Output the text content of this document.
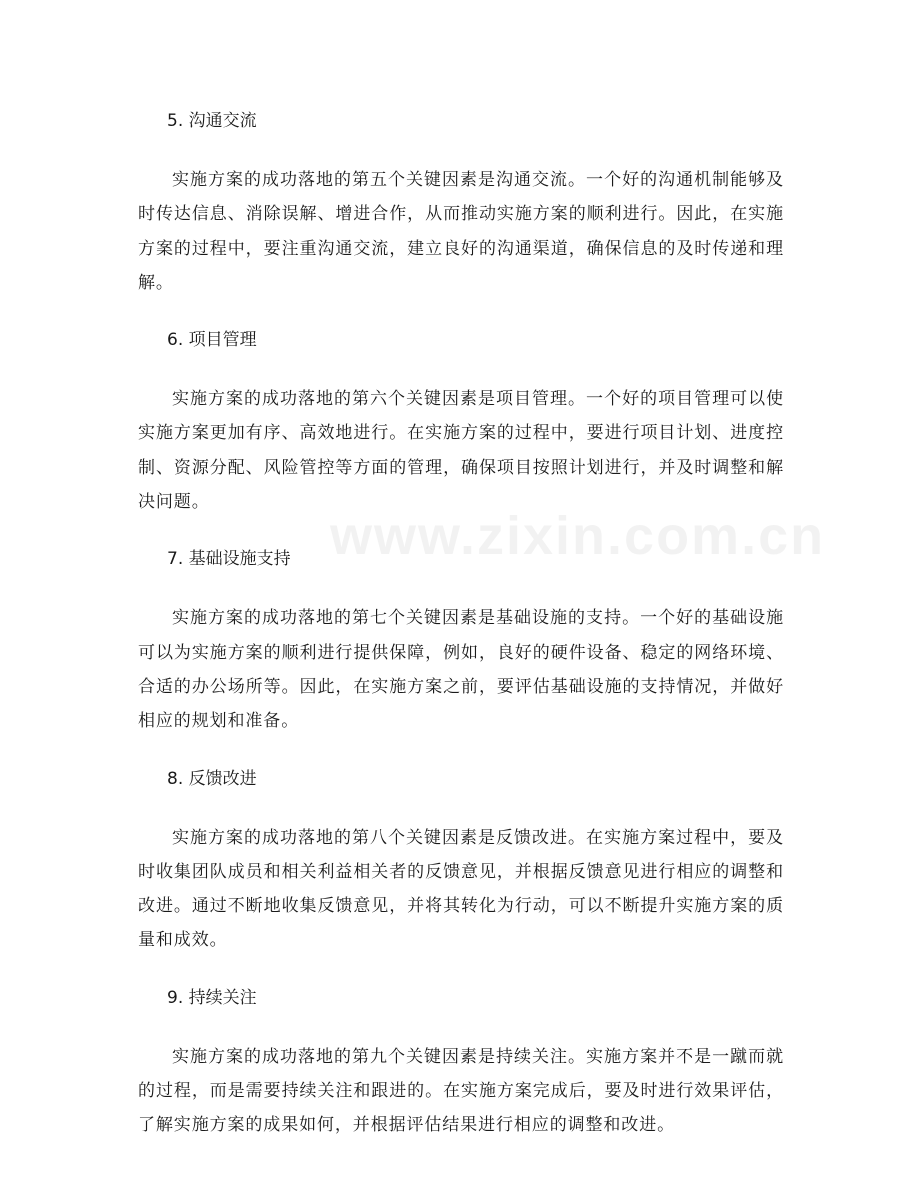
www.zixin.com.cn
5. 沟通交流

实施方案的成功落地的第五个关键因素是沟通交流。一个好的沟通机制能够及时传达信息、消除误解、增进合作，从而推动实施方案的顺利进行。因此，在实施方案的过程中，要注重沟通交流，建立良好的沟通渠道，确保信息的及时传递和理解。

6. 项目管理

实施方案的成功落地的第六个关键因素是项目管理。一个好的项目管理可以使实施方案更加有序、高效地进行。在实施方案的过程中，要进行项目计划、进度控制、资源分配、风险管控等方面的管理，确保项目按照计划进行，并及时调整和解决问题。

7. 基础设施支持

实施方案的成功落地的第七个关键因素是基础设施的支持。一个好的基础设施可以为实施方案的顺利进行提供保障，例如，良好的硬件设备、稳定的网络环境、合适的办公场所等。因此，在实施方案之前，要评估基础设施的支持情况，并做好相应的规划和准备。

8. 反馈改进

实施方案的成功落地的第八个关键因素是反馈改进。在实施方案过程中，要及时收集团队成员和相关利益相关者的反馈意见，并根据反馈意见进行相应的调整和改进。通过不断地收集反馈意见，并将其转化为行动，可以不断提升实施方案的质量和成效。

9. 持续关注

实施方案的成功落地的第九个关键因素是持续关注。实施方案并不是一蹴而就的过程，而是需要持续关注和跟进的。在实施方案完成后，要及时进行效果评估，了解实施方案的成果如何，并根据评估结果进行相应的调整和改进。
